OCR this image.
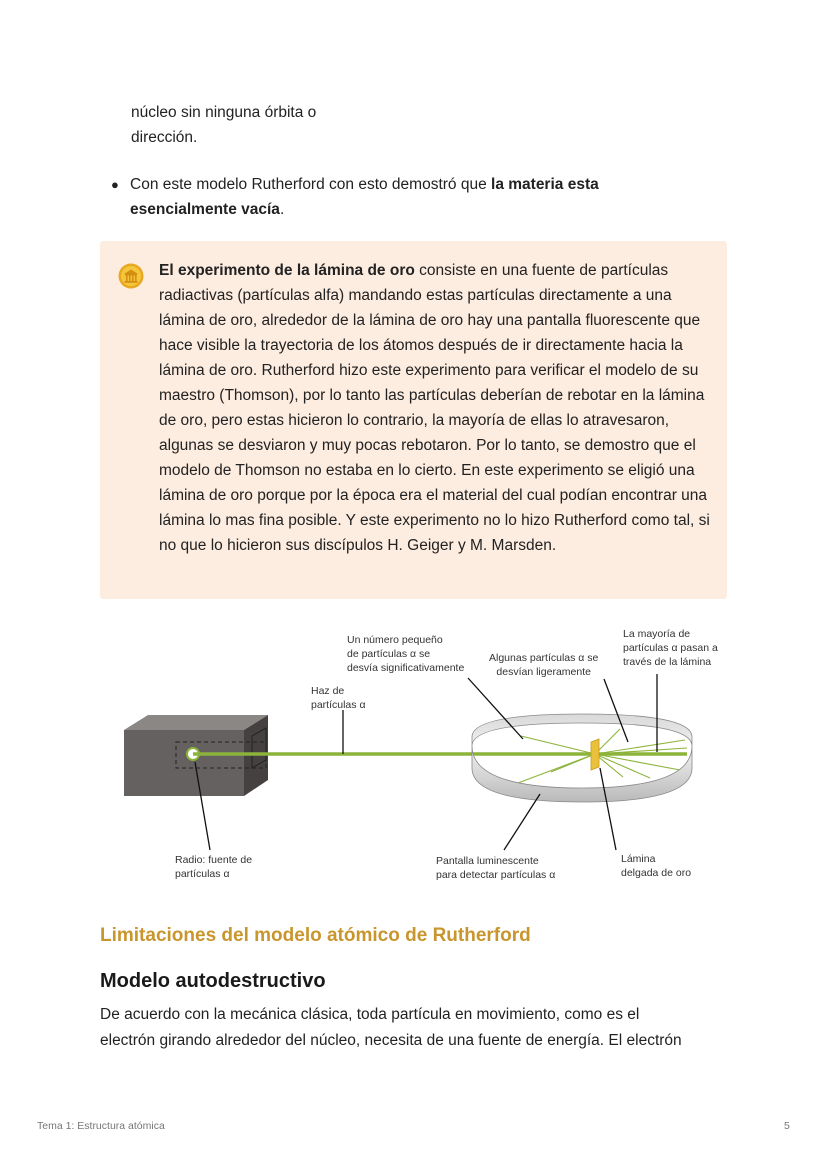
núcleo sin ninguna órbita o

dirección.

● Con este modelo Rutherford con esto demostró que la materia esta esencialmente vacía.
El experimento de la lámina de oro consiste en una fuente de partículas radiactivas (partículas alfa) mandando estas partículas directamente a una lámina de oro, alrededor de la lámina de oro hay una pantalla fluorescente que hace visible la trayectoria de los átomos después de ir directamente hacia la lámina de oro. Rutherford hizo este experimento para verificar el modelo de su maestro (Thomson), por lo tanto las partículas deberían de rebotar en la lámina de oro, pero estas hicieron lo contrario, la mayoría de ellas lo atravesaron, algunas se desviaron y muy pocas rebotaron. Por lo tanto, se demostro que el modelo de Thomson no estaba en lo cierto. En este experimento se eligió una lámina de oro porque por la época era el material del cual podían encontrar una lámina lo mas fina posible. Y este experimento no lo hizo Rutherford como tal, si no que lo hicieron sus discípulos H. Geiger y M. Marsden.
Un número pequeño
de partículas α se
desvía significativamente
Algunas partículas α se
desvían ligeramente
La mayoría de
partículas α pasan a
través de la lámina
Haz de
partículas α
Radio: fuente de
partículas α
Pantalla luminescente
para detectar partículas α
Lámina
delgada de oro
Limitaciones del modelo atómico de Rutherford
Modelo autodestructivo

De acuerdo con la mecánica clásica, toda partícula en movimiento, como es el

electrón girando alrededor del núcleo, necesita de una fuente de energía. El electrón

Tema 1: Estructura atómica	5
